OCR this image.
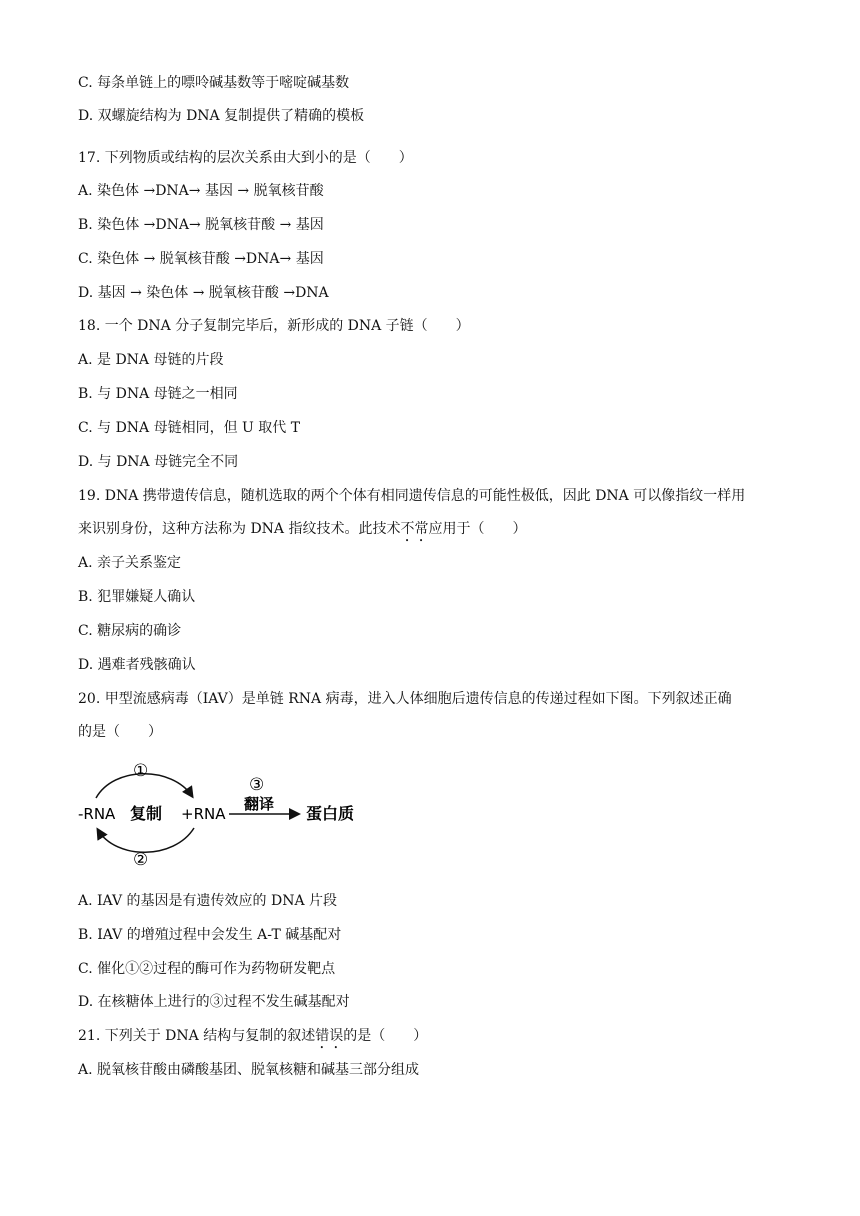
C. 每条单链上的嘌呤碱基数等于嘧啶碱基数
D. 双螺旋结构为 DNA 复制提供了精确的模板
17. 下列物质或结构的层次关系由大到小的是（　　）
A. 染色体 →DNA→ 基因 → 脱氧核苷酸
B. 染色体 →DNA→ 脱氧核苷酸 → 基因
C. 染色体 → 脱氧核苷酸 →DNA→ 基因
D. 基因 → 染色体 → 脱氧核苷酸 →DNA
18. 一个 DNA 分子复制完毕后，新形成的 DNA 子链（　　）
A. 是 DNA 母链的片段
B. 与 DNA 母链之一相同
C. 与 DNA 母链相同，但 U 取代 T
D. 与 DNA 母链完全不同
19. DNA 携带遗传信息，随机选取的两个个体有相同遗传信息的可能性极低，因此 DNA 可以像指纹一样用
来识别身份，这种方法称为 DNA 指纹技术。此技术不常应用于（　　）
A. 亲子关系鉴定
B. 犯罪嫌疑人确认
C. 糖尿病的确诊
D. 遇难者残骸确认
20. 甲型流感病毒（IAV）是单链 RNA 病毒，进入人体细胞后遗传信息的传递过程如下图。下列叙述正确
的是（　　）
①
-RNA 复制 +RNA
②
③
翻译 蛋白质
A. IAV 的基因是有遗传效应的 DNA 片段
B. IAV 的增殖过程中会发生 A-T 碱基配对
C. 催化①②过程的酶可作为药物研发靶点
D. 在核糖体上进行的③过程不发生碱基配对
21. 下列关于 DNA 结构与复制的叙述错误的是（　　）
A. 脱氧核苷酸由磷酸基团、脱氧核糖和碱基三部分组成
